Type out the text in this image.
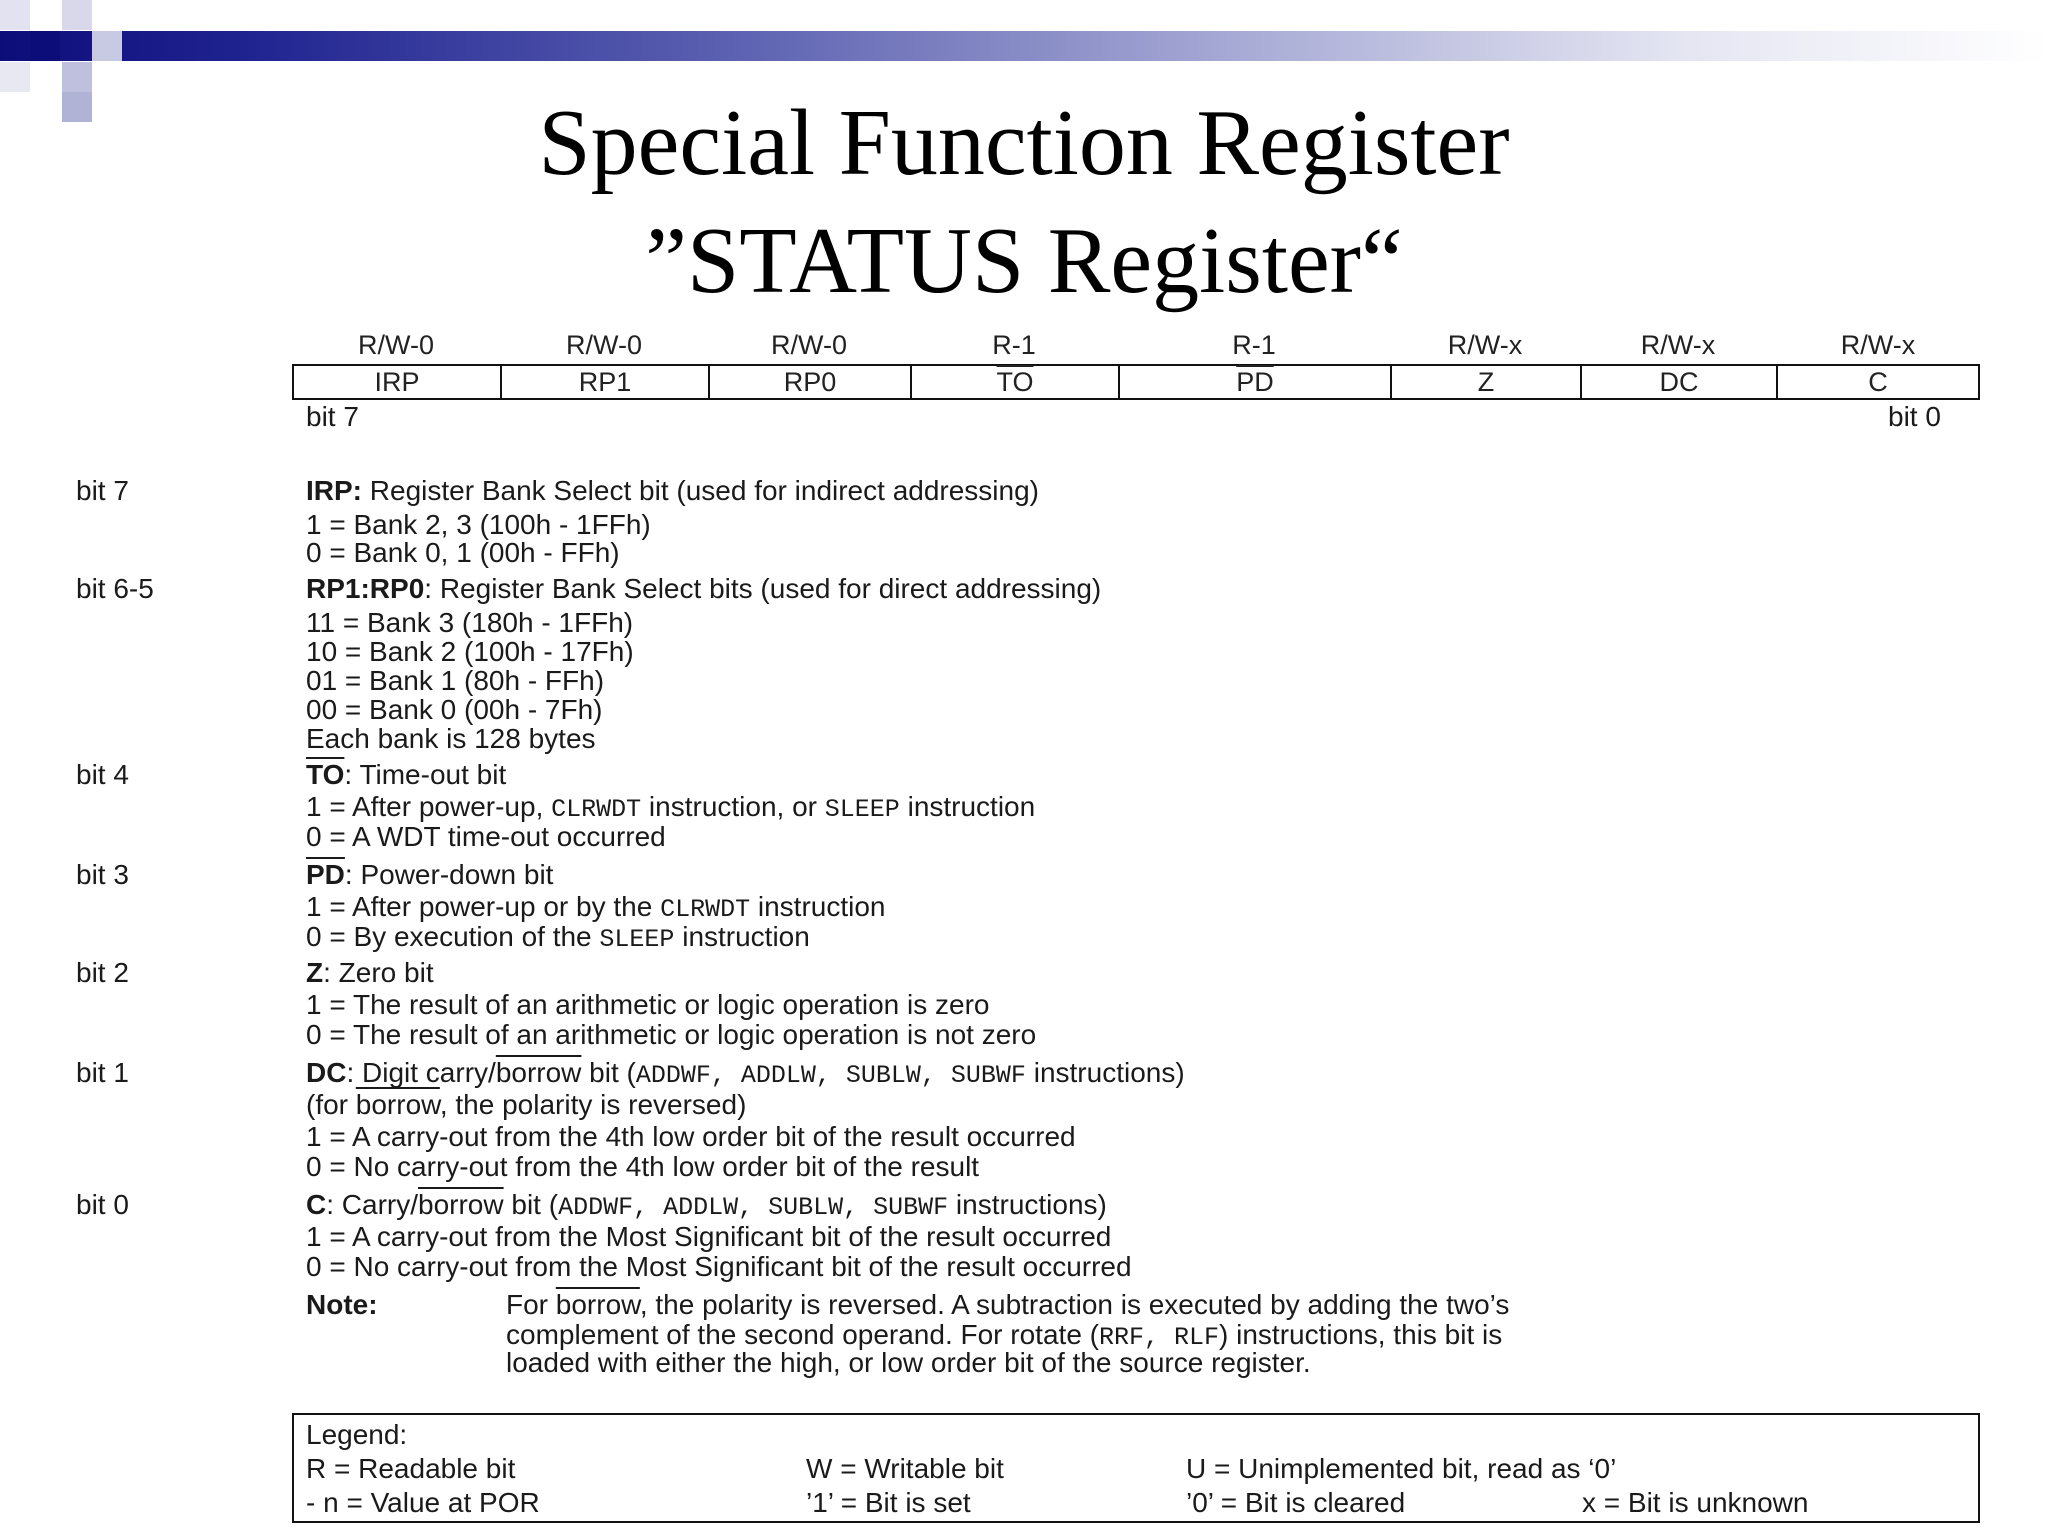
Special Function Register
”STATUS Register“
R/W-0	R/W-0	R/W-0	R-1	R-1	R/W-x	R/W-x	R/W-x
IRP	RP1	RP0	$\overline{TO}$	$\overline{PD}$	Z	DC	C
bit 7	bit 0
bit 7	IRP: Register Bank Select bit (used for indirect addressing)
1 = Bank 2, 3 (100h - 1FFh)
0 = Bank 0, 1 (00h - FFh)
bit 6-5	RP1:RP0: Register Bank Select bits (used for direct addressing)
11 = Bank 3 (180h - 1FFh)
10 = Bank 2 (100h - 17Fh)
01 = Bank 1 (80h - FFh)
00 = Bank 0 (00h - 7Fh)
Each bank is 128 bytes
bit 4	$\overline{TO}$: Time-out bit
1 = After power-up, CLRWDT instruction, or SLEEP instruction
0 = A WDT time-out occurred
bit 3	$\overline{PD}$: Power-down bit
1 = After power-up or by the CLRWDT instruction
0 = By execution of the SLEEP instruction
bit 2	Z: Zero bit
1 = The result of an arithmetic or logic operation is zero
0 = The result of an arithmetic or logic operation is not zero
bit 1	DC: Digit carry/borrow bit (ADDWF, ADDLW, SUBLW, SUBWF instructions)
(for borrow, the polarity is reversed)
1 = A carry-out from the 4th low order bit of the result occurred
0 = No carry-out from the 4th low order bit of the result
bit 0	C: Carry/borrow bit (ADDWF, ADDLW, SUBLW, SUBWF instructions)
1 = A carry-out from the Most Significant bit of the result occurred
0 = No carry-out from the Most Significant bit of the result occurred
Note:	For borrow, the polarity is reversed. A subtraction is executed by adding the two’s
complement of the second operand. For rotate (RRF, RLF) instructions, this bit is
loaded with either the high, or low order bit of the source register.
Legend:
R = Readable bit	W = Writable bit	U = Unimplemented bit, read as ‘0’
- n = Value at POR	’1’ = Bit is set	’0’ = Bit is cleared	x = Bit is unknown
